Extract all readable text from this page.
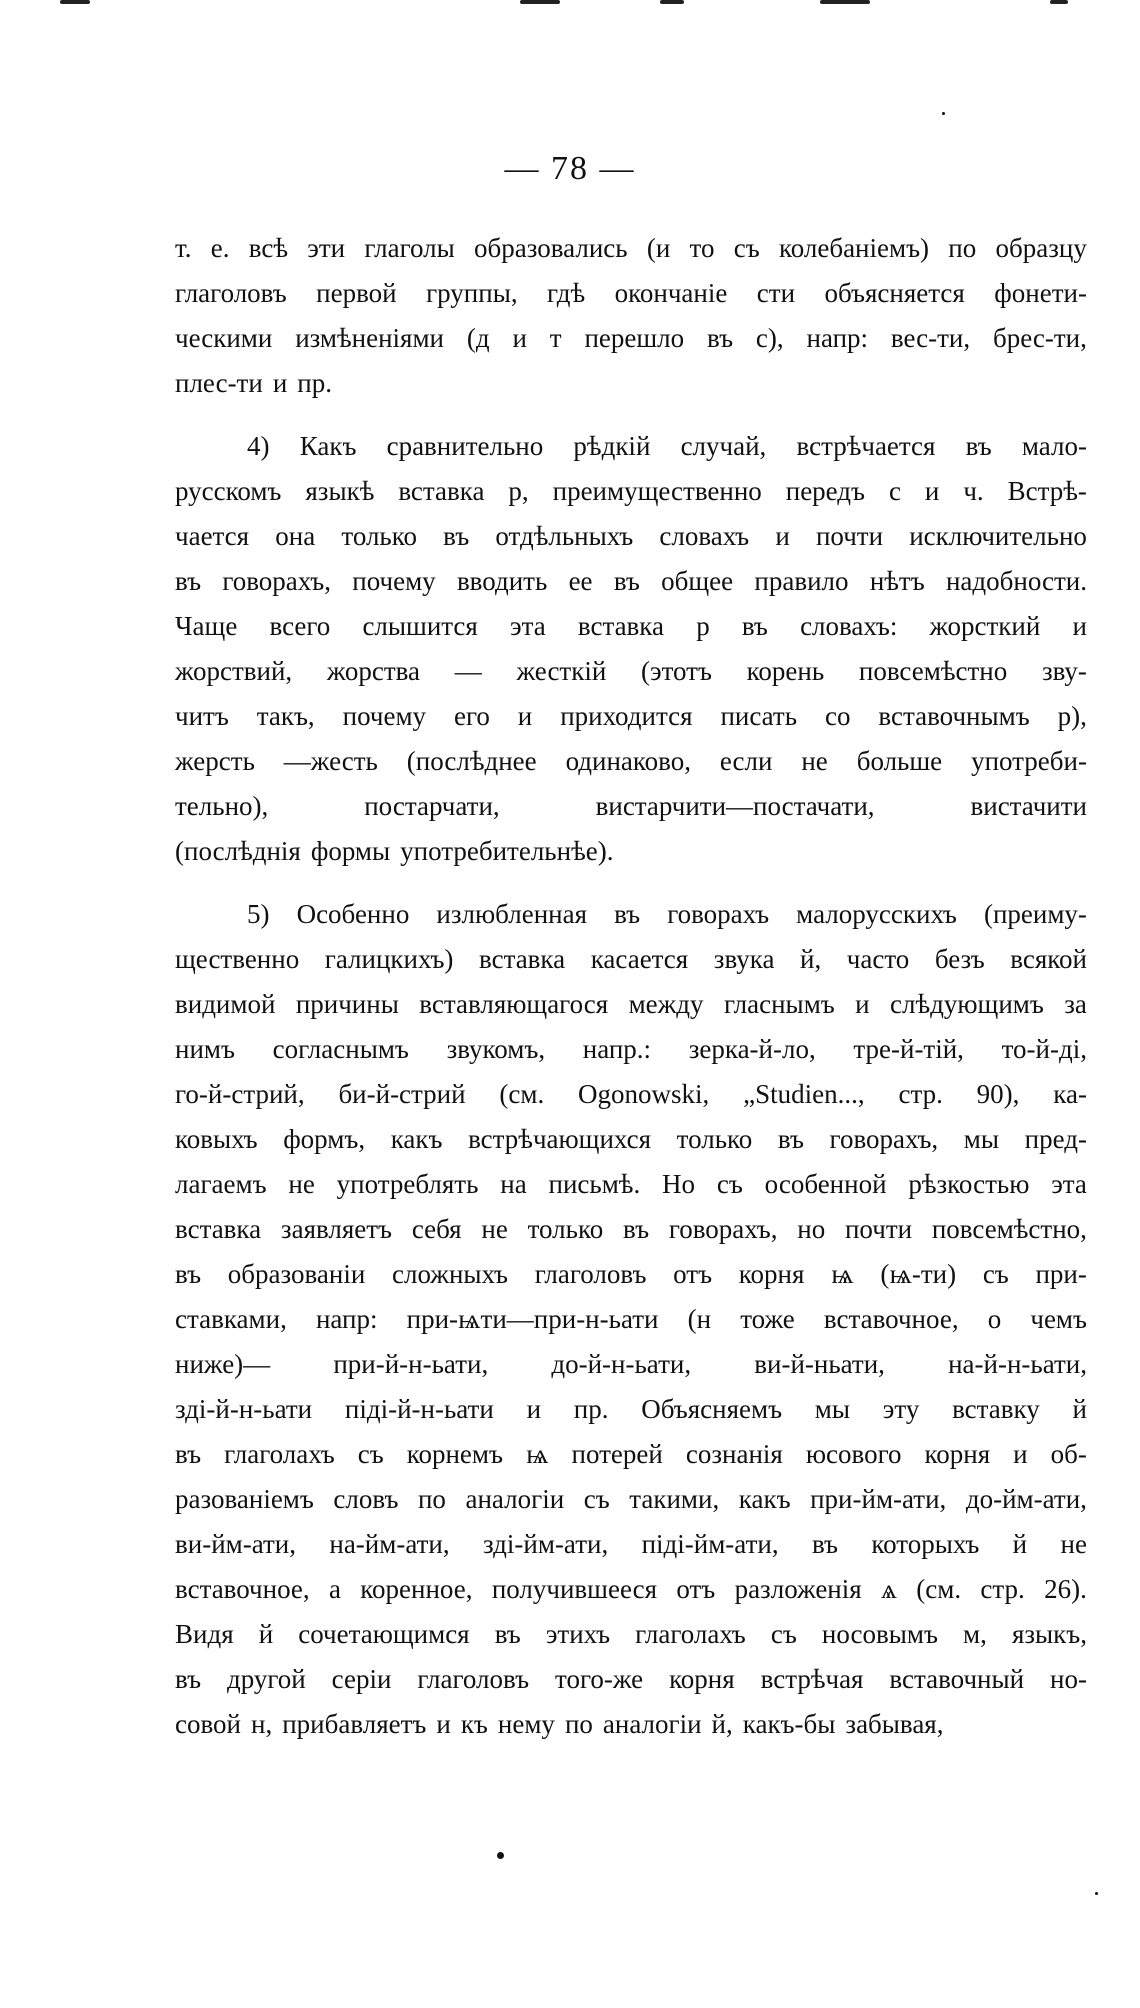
— 78 —
т. е. всѣ эти глаголы образовались (и то съ колебаніемъ) по образцу
глаголовъ первой группы, гдѣ окончаніе сти объясняется фонети-
ческими измѣненіями (д и т перешло въ с), напр: вес-ти, брес-ти,
плес-ти и пр.
4) Какъ сравнительно рѣдкій случай, встрѣчается въ мало-
русскомъ языкѣ вставка р, преимущественно передъ с и ч. Встрѣ-
чается она только въ отдѣльныхъ словахъ и почти исключительно
въ говорахъ, почему вводить ее въ общее правило нѣтъ надобности.
Чаще всего слышится эта вставка р въ словахъ: жорсткий и
жорствий, жорства — жесткій (этотъ корень повсемѣстно зву-
читъ такъ, почему его и приходится писать со вставочнымъ р),
жерсть —жесть (послѣднее одинаково, если не больше употреби-
тельно),	постарчати,	вистарчити—постачати,	вистачити
(послѣднія формы употребительнѣе).
5) Особенно излюбленная въ говорахъ малорусскихъ (преиму-
щественно галицкихъ) вставка касается звука й, часто безъ всякой
видимой причины вставляющагося между гласнымъ и слѣдующимъ за
нимъ согласнымъ звукомъ, напр.: зерка-й-ло, тре-й-тій, то-й-ді,
го-й-стрий, би-й-стрий (см. Ogonowski, „Studien..., стр. 90), ка-
ковыхъ формъ, какъ встрѣчающихся только въ говорахъ, мы пред-
лагаемъ не употреблять на письмѣ. Но съ особенной рѣзкостью эта
вставка заявляетъ себя не только въ говорахъ, но почти повсемѣстно,
въ образованіи сложныхъ глаголовъ отъ корня ѩ (ѩ-ти) съ при-
ставками, напр: при-ѩти—при-н-ьати (н тоже вставочное, о чемъ
ниже)— при-й-н-ьати, до-й-н-ьати, ви-й-ньати, на-й-н-ьати,
зді-й-н-ьати піді-й-н-ьати и пр. Объясняемъ мы эту вставку й
въ глаголахъ съ корнемъ ѩ потерей сознанія юсового корня и об-
разованіемъ словъ по аналогіи съ такими, какъ при-йм-ати, до-йм-ати,
ви-йм-ати, на-йм-ати, зді-йм-ати, піді-йм-ати, въ которыхъ й не
вставочное, а коренное, получившееся отъ разложенія ѧ (см. стр. 26).
Видя й сочетающимся въ этихъ глаголахъ съ носовымъ м, языкъ,
въ другой серіи глаголовъ того-же корня встрѣчая вставочный но-
совой н, прибавляетъ и къ нему по аналогіи й, какъ-бы забывая,
